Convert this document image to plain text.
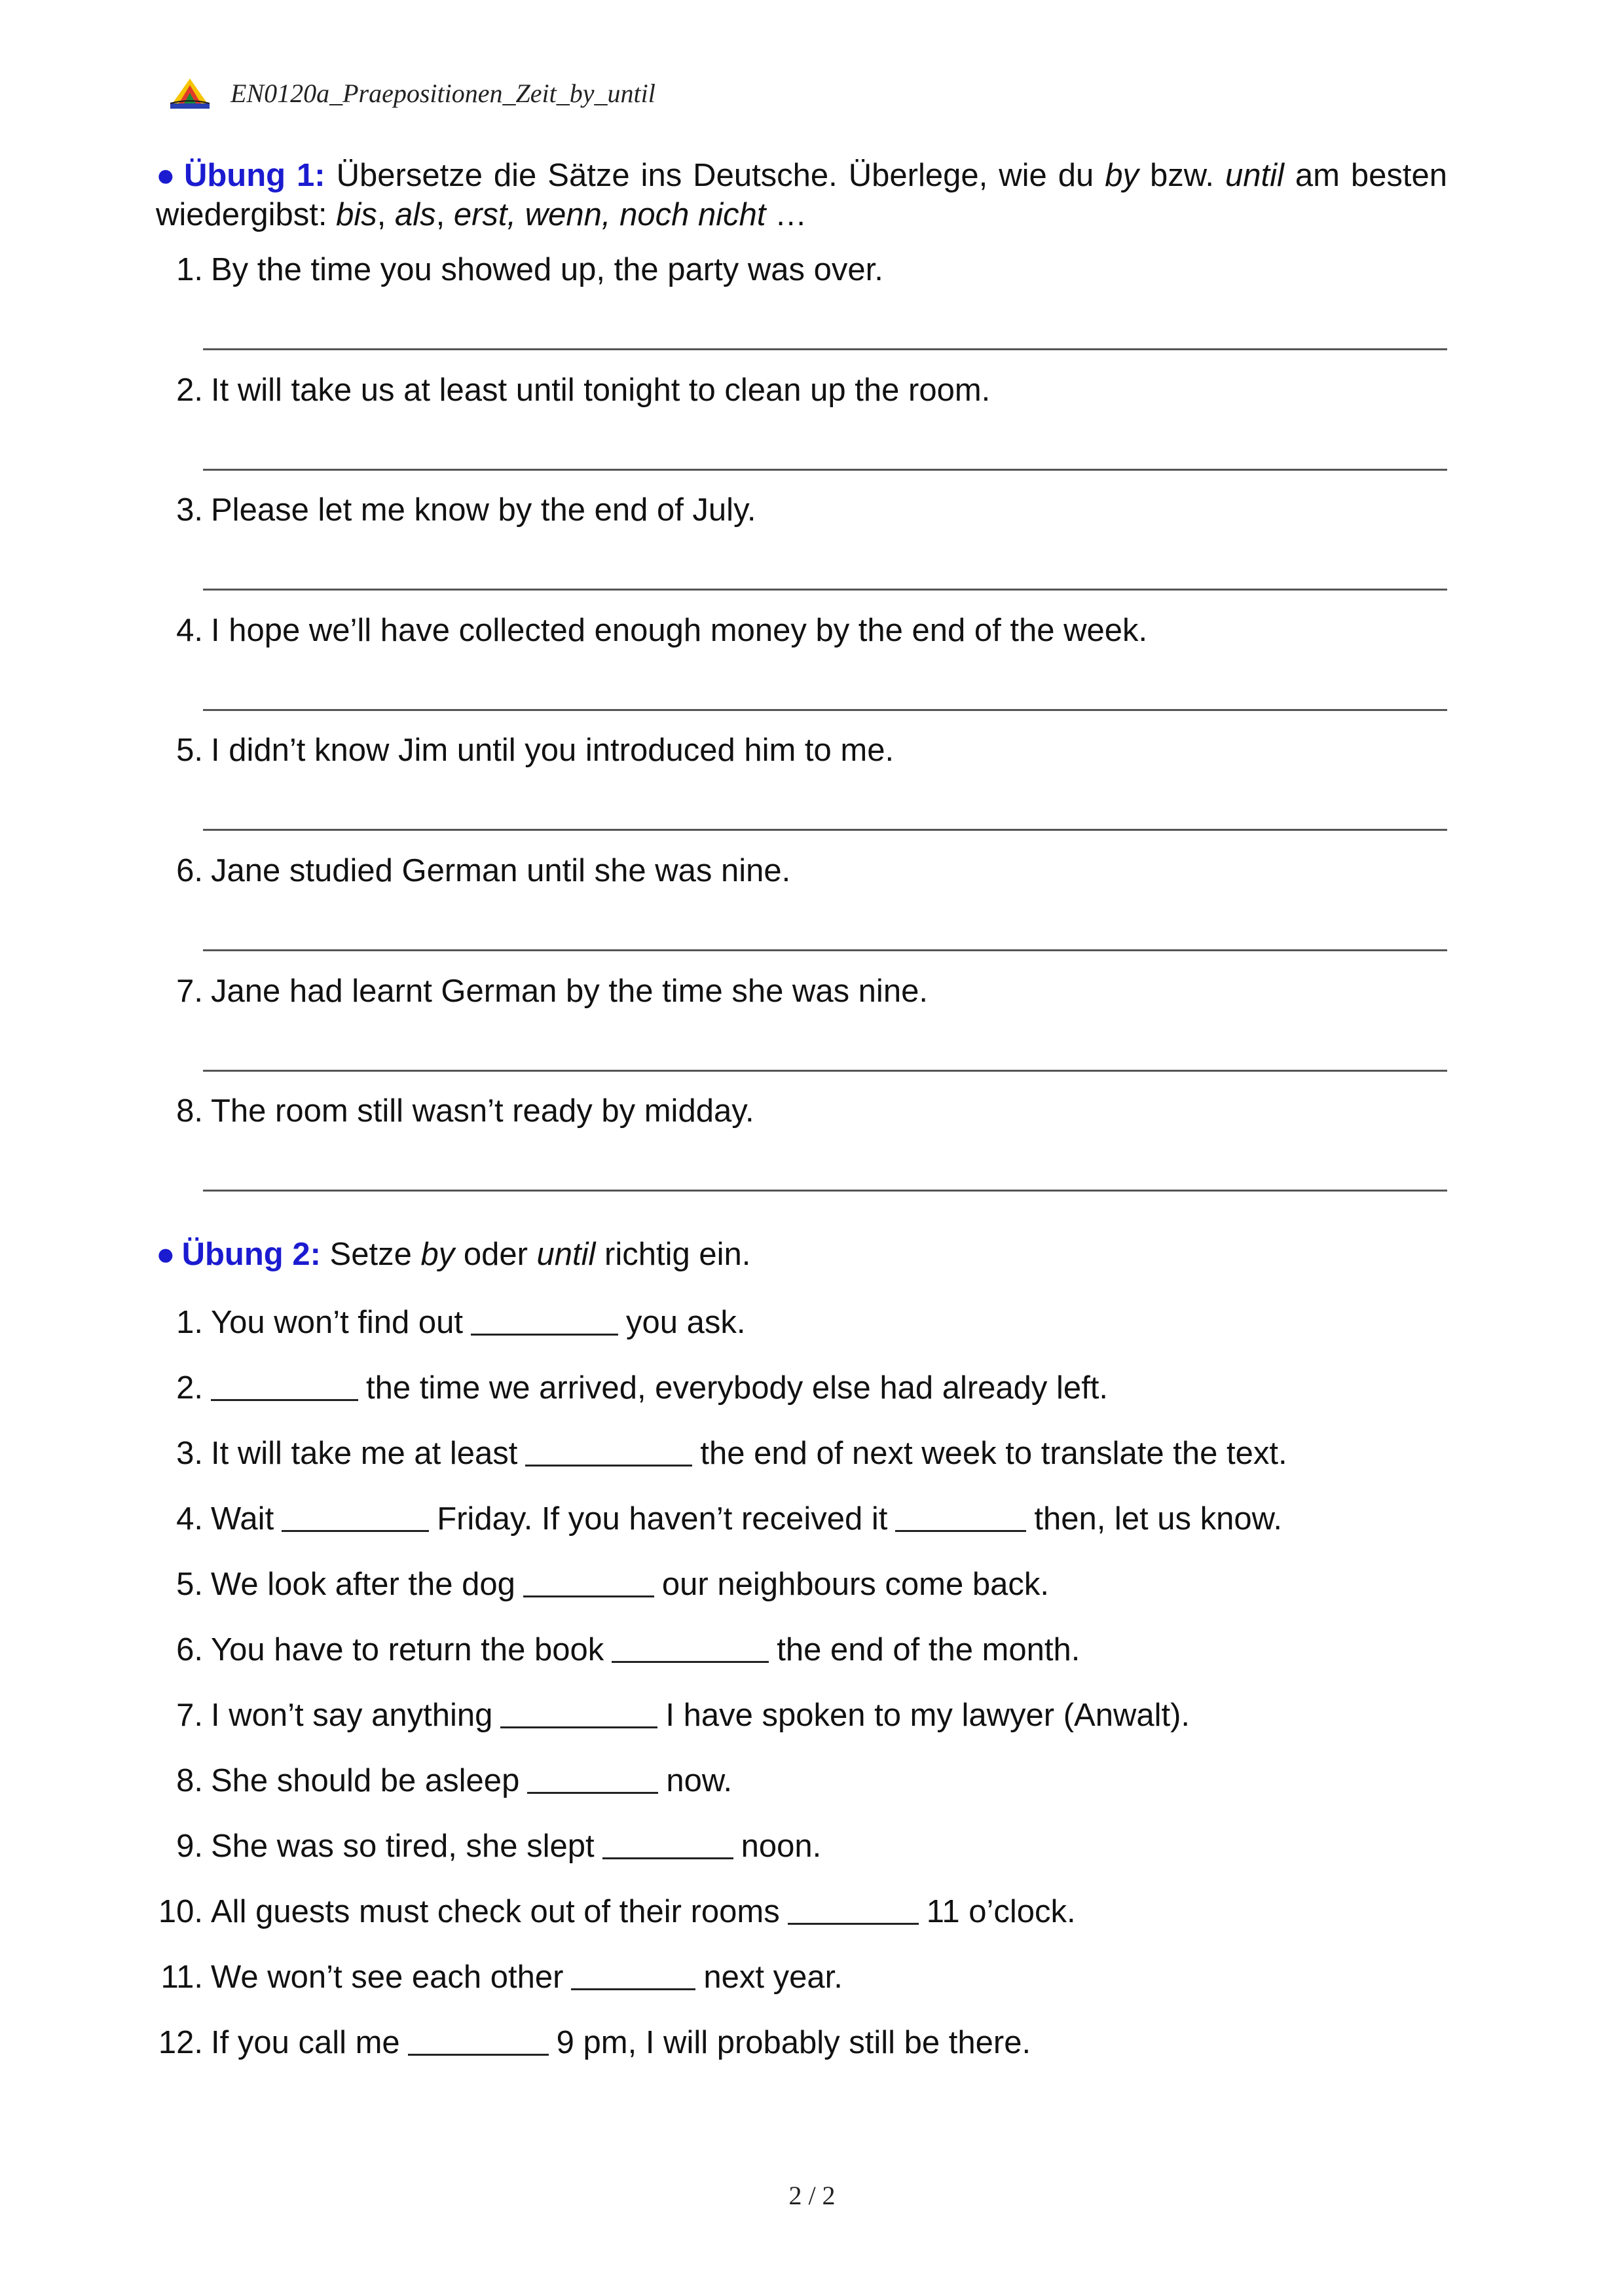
EN0120a_Praepositionen_Zeit_by_until
● Übung 1: Übersetze die Sätze ins Deutsche. Überlege, wie du by bzw. until am besten wiedergibst: bis, als, erst, wenn, noch nicht …
1. By the time you showed up, the party was over.
2. It will take us at least until tonight to clean up the room.
3. Please let me know by the end of July.
4. I hope we’ll have collected enough money by the end of the week.
5. I didn’t know Jim until you introduced him to me.
6. Jane studied German until she was nine.
7. Jane had learnt German by the time she was nine.
8. The room still wasn’t ready by midday.
● Übung 2: Setze by oder until richtig ein.
1. You won’t find out	you ask.
2.	the time we arrived, everybody else had already left.
3. It will take me at least	the end of next week to translate the text.
4. Wait	Friday. If you haven’t received it	then, let us know.
5. We look after the dog	our neighbours come back.
6. You have to return the book	the end of the month.
7. I won’t say anything	I have spoken to my lawyer (Anwalt).
8. She should be asleep	now.
9. She was so tired, she slept	noon.
10. All guests must check out of their rooms	11 o’clock.
11. We won’t see each other	next year.
12. If you call me	9 pm, I will probably still be there.
2 / 2
